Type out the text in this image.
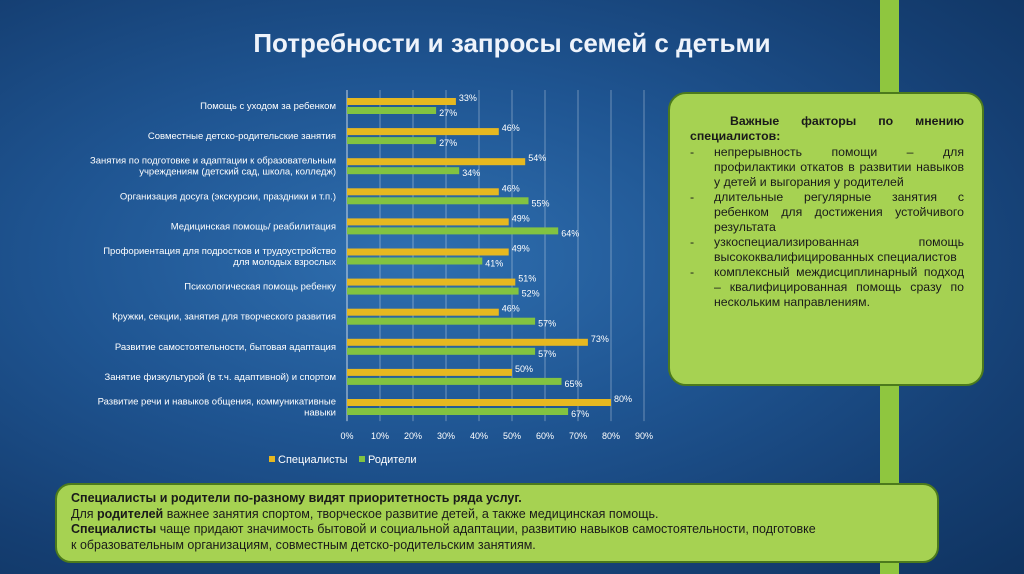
Потребности и запросы семей с детьми
0% 10% 20% 30% 40% 50% 60% 70% 80% 90%
33%
27%
Помощь с уходом за ребенком
46%
27%
Совместные детско-родительские занятия
54%
34%
Занятия по подготовке и адаптации к образовательным
учреждениям (детский сад, школа, колледж)
46%
55%
Организация досуга (экскурсии, праздники и т.п.)
49%
64%
Медицинская помощь/ реабилитация
49%
41%
Профориентация для подростков и трудоустройство
для молодых взрослых
51%
52%
Психологическая помощь ребенку
46%
57%
Кружки, секции, занятия для творческого развития
73%
57%
Развитие самостоятельности, бытовая адаптация
50%
65%
Занятие физкультурой (в т.ч. адаптивной) и спортом
80%
67%
Развитие речи и навыков общения, коммуникативные
навыки
Специалисты Родители
Важные факторы по мнению
специалистов:
- непрерывность помощи – для профилактики откатов в развитии навыков у детей и выгорания у родителей
- длительные регулярные занятия с ребенком для достижения устойчивого результата
- узкоспециализированная помощь высококвалифицированных специалистов
- комплексный междисциплинарный подход – квалифицированная помощь сразу по нескольким направлениям.
Специалисты и родители по-разному видят приоритетность ряда услуг.
Для родителей важнее занятия спортом, творческое развитие детей, а также медицинская помощь.
Специалисты чаще придают значимость бытовой и социальной адаптации, развитию навыков самостоятельности, подготовке
к образовательным организациям, совместным детско-родительским занятиям.
